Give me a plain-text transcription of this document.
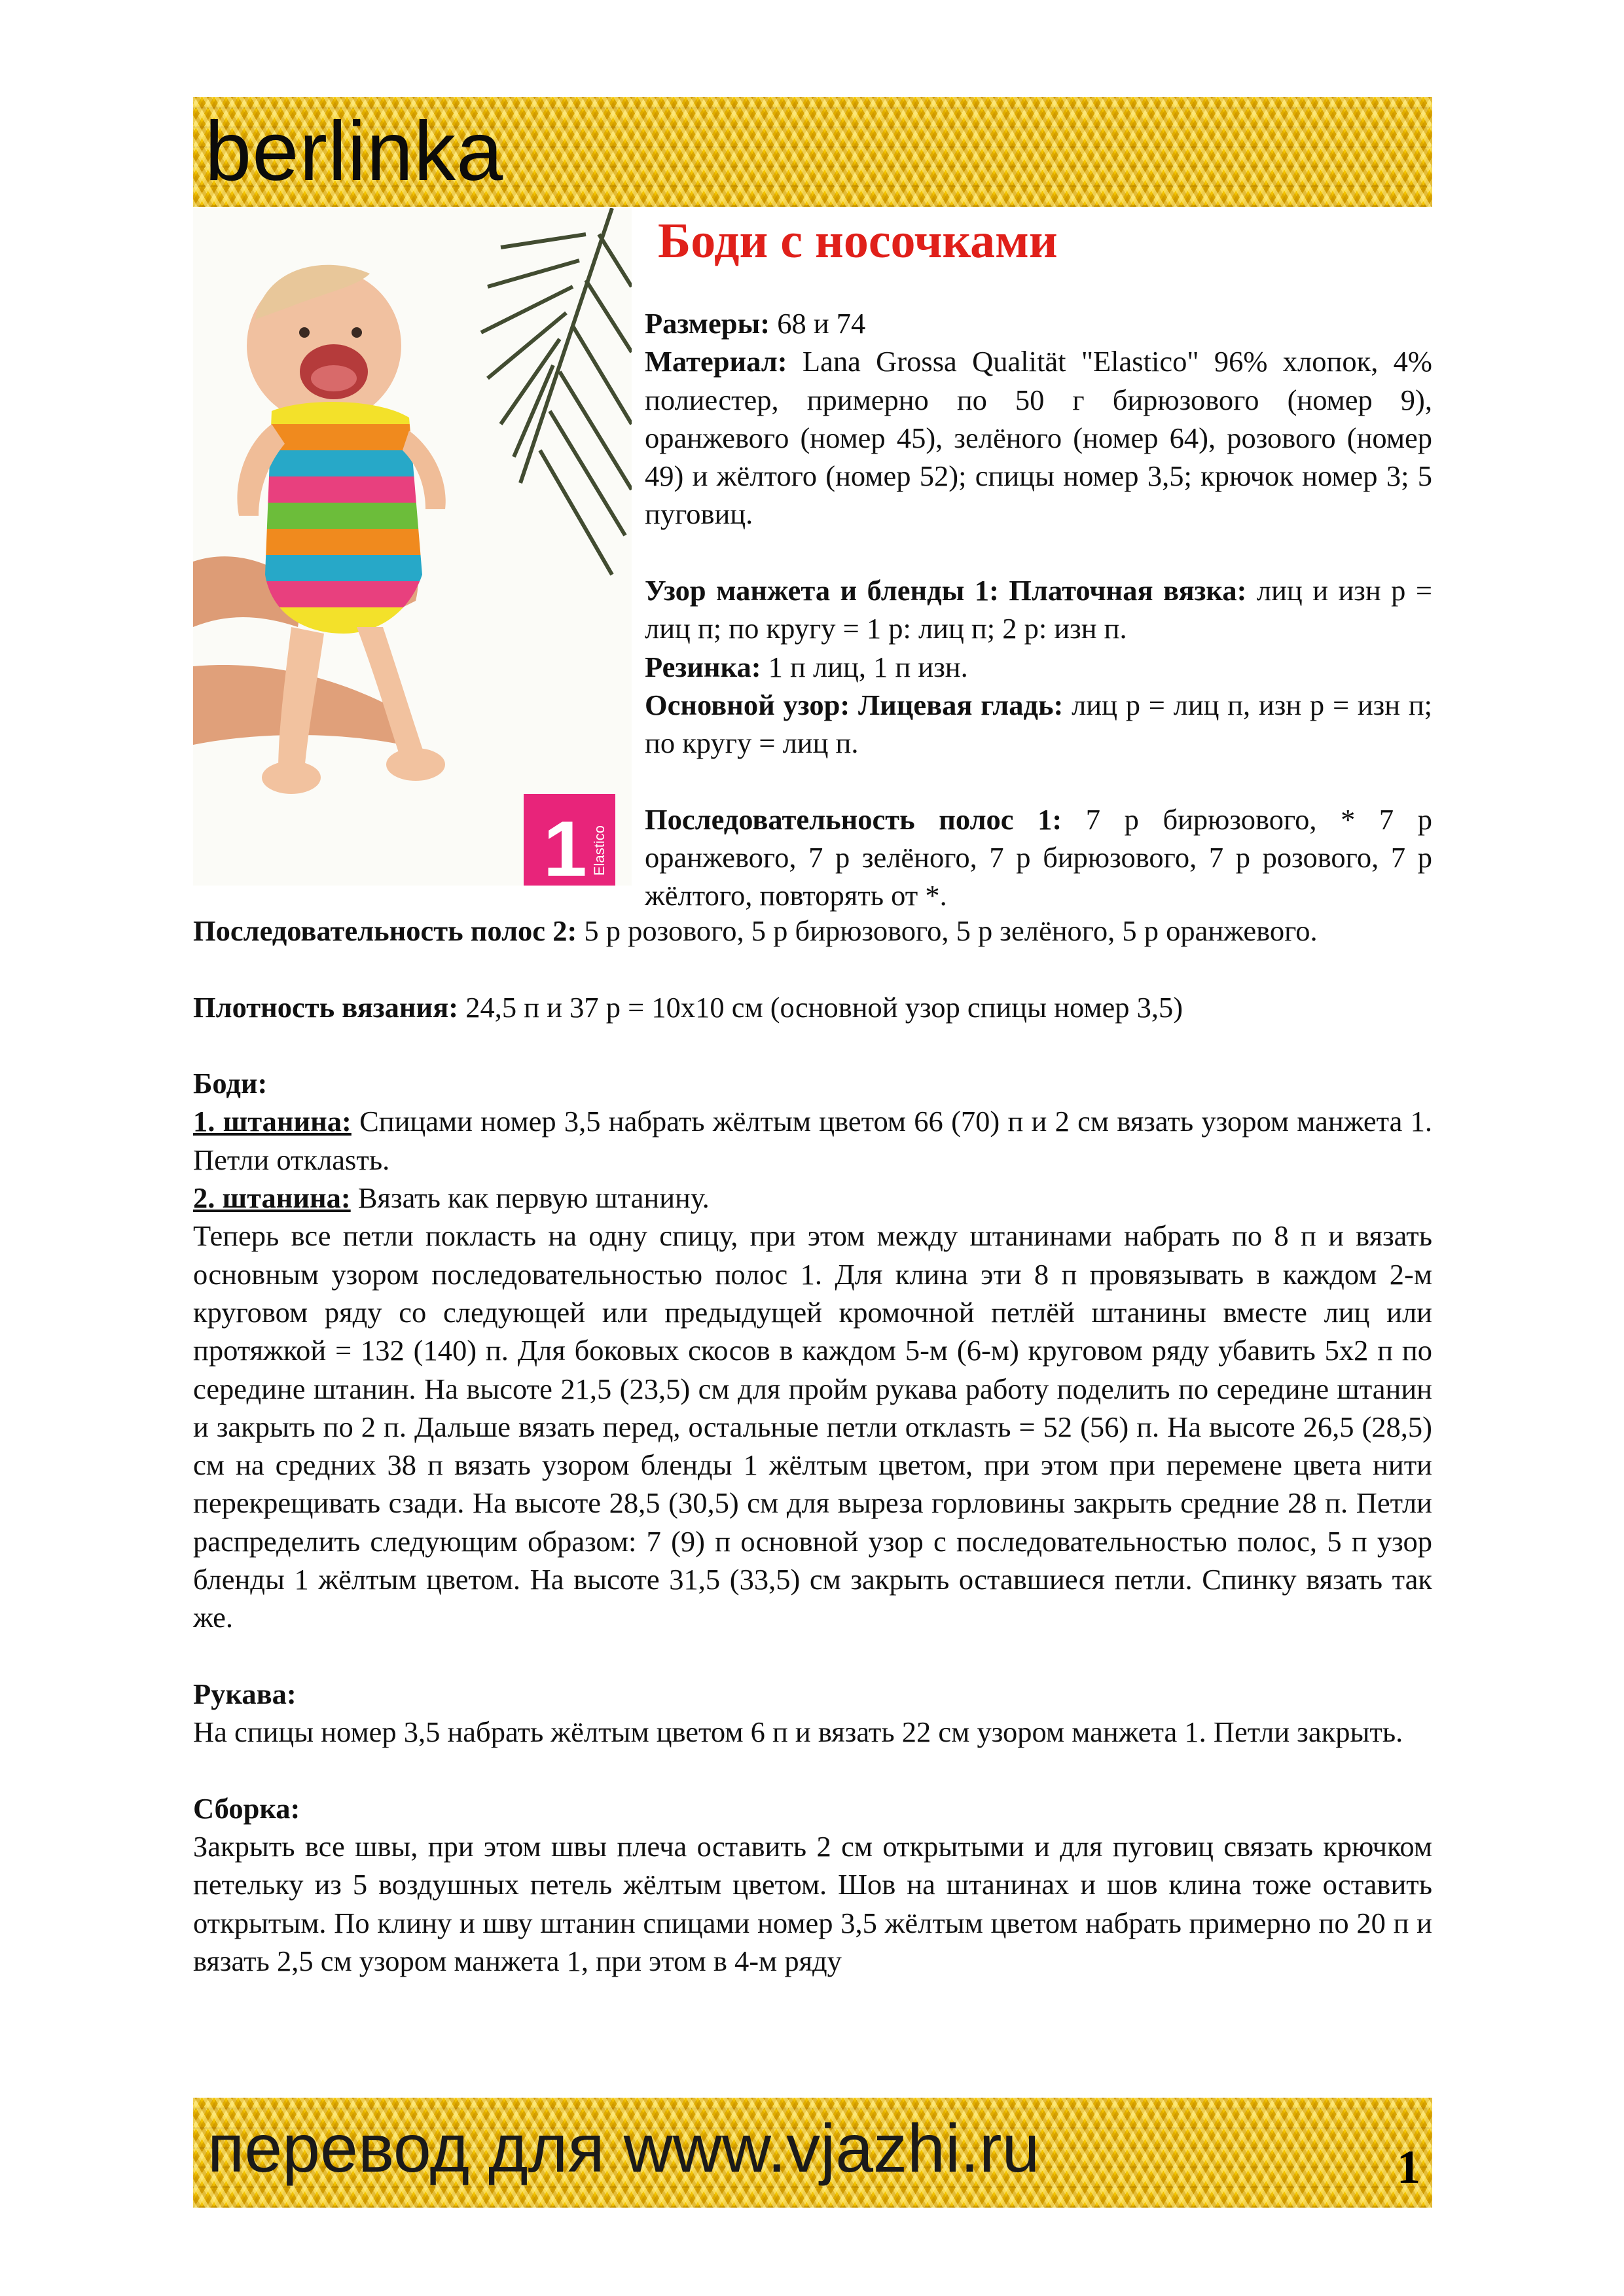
berlinka
1 Elastico
Боди с носочками

Размеры: 68 и 74

Материал: Lana Grossa Qualität "Elastico" 96% хлопок, 4% полиестер, примерно по 50 г бирюзового (номер 9), оранжевого (номер 45), зелёного (номер 64), розового (номер 49) и жёлтого (номер 52); спицы номер 3,5; крючок номер 3; 5 пуговиц.

Узор манжета и бленды 1: Платочная вязка: лиц и изн р = лиц п; по кругу = 1 р: лиц п; 2 р: изн п.

Резинка: 1 п лиц, 1 п изн.

Основной узор: Лицевая гладь: лиц р = лиц п, изн р = изн п; по кругу = лиц п.

Последовательность полос 1: 7 р бирюзового, * 7 р оранжевого, 7 р зелёного, 7 р бирюзового, 7 р розового, 7 р жёлтого, повторять от *.

Последовательность полос 2: 5 р розового, 5 р бирюзового, 5 р зелёного, 5 р оранжевого.

Плотность вязания: 24,5 п и 37 р = 10х10 см (основной узор спицы номер 3,5)

Боди:

1. штанина: Спицами номер 3,5 набрать жёлтым цветом 66 (70) п и 2 см вязать узором манжета 1. Петли отклasть.

2. штанина: Вязать как первую штанину.

Теперь все петли покласть на одну спицу, при этом между штанинами набрать по 8 п и вязать основным узором последовательностью полос 1. Для клина эти 8 п провязывать в каждом 2-м круговом ряду со следующей или предыдущей кромочной петлёй штанины вместе лиц или протяжкой = 132 (140) п. Для боковых скосов в каждом 5-м (6-м) круговом ряду убавить 5х2 п по середине штанин. На высоте 21,5 (23,5) см для пройм рукава работу поделить по середине штанин и закрыть по 2 п. Дальше вязать перед, остальные петли отклasть = 52 (56) п. На высоте 26,5 (28,5) см на средних 38 п вязать узором бленды 1 жёлтым цветом, при этом при перемене цвета нити перекрещивать сзади. На высоте 28,5 (30,5) см для выреза горловины закрыть средние 28 п. Петли распределить следующим образом: 7 (9) п основной узор с последовательностью полос, 5 п узор бленды 1 жёлтым цветом. На высоте 31,5 (33,5) см закрыть оставшиеся петли. Спинку вязать так же.

Рукава:

На спицы номер 3,5 набрать жёлтым цветом 6 п и вязать 22 см узором манжета 1. Петли закрыть.

Сборка:

Закрыть все швы, при этом швы плеча оставить 2 см открытыми и для пуговиц связать крючком петельку из 5 воздушных петель жёлтым цветом. Шов на штанинах и шов клина тоже оставить открытым. По клину и шву штанин спицами номер 3,5 жёлтым цветом набрать примерно по 20 п и вязать 2,5 см узором манжета 1, при этом в 4-м ряду

перевод для www.vjazhi.ru	1
